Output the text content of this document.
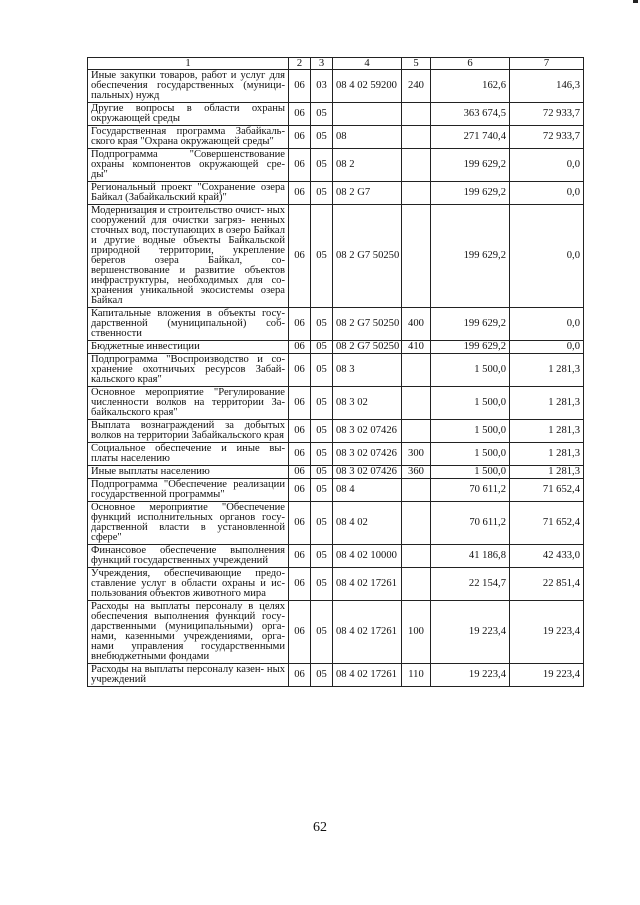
1	2	3	4	5	6	7
Иные закупки товаров, работ и услуг для обеспечения государственных (муници- пальных) нужд	06	03	08 4 02 59200	240	162,6	146,3
Другие вопросы в области охраны окружающей среды	06	05			363 674,5	72 933,7
Государственная программа Забайкаль- ского края "Охрана окружающей среды"	06	05	08		271 740,4	72 933,7
Подпрограмма "Совершенствование охраны компонентов окружающей сре- ды"	06	05	08 2		199 629,2	0,0
Региональный проект "Сохранение озера Байкал (Забайкальский край)"	06	05	08 2 G7		199 629,2	0,0
Модернизация и строительство очист- ных сооружений для очистки загряз- ненных сточных вод, поступающих в озеро Байкал и другие водные объекты Байкальской природной территории, укрепление берегов озера Байкал, со- вершенствование и развитие объектов инфраструктуры, необходимых для со- хранения уникальной экосистемы озера Байкал	06	05	08 2 G7 50250		199 629,2	0,0
Капитальные вложения в объекты госу- дарственной (муниципальной) соб- ственности	06	05	08 2 G7 50250	400	199 629,2	0,0
Бюджетные инвестиции	06	05	08 2 G7 50250	410	199 629,2	0,0
Подпрограмма "Воспроизводство и со- хранение охотничьих ресурсов Забай- кальского края"	06	05	08 3		1 500,0	1 281,3
Основное мероприятие "Регулирование численности волков на территории За- байкальского края"	06	05	08 3 02		1 500,0	1 281,3
Выплата вознаграждений за добытых волков на территории Забайкальского края	06	05	08 3 02 07426		1 500,0	1 281,3
Социальное обеспечение и иные вы- платы населению	06	05	08 3 02 07426	300	1 500,0	1 281,3
Иные выплаты населению	06	05	08 3 02 07426	360	1 500,0	1 281,3
Подпрограмма "Обеспечение реализации государственной программы"	06	05	08 4		70 611,2	71 652,4
Основное мероприятие "Обеспечение функций исполнительных органов госу- дарственной власти в установленной сфере"	06	05	08 4 02		70 611,2	71 652,4
Финансовое обеспечение выполнения функций государственных учреждений	06	05	08 4 02 10000		41 186,8	42 433,0
Учреждения, обеспечивающие предо- ставление услуг в области охраны и ис- пользования объектов животного мира	06	05	08 4 02 17261		22 154,7	22 851,4
Расходы на выплаты персоналу в целях обеспечения выполнения функций госу- дарственными (муниципальными) орга- нами, казенными учреждениями, орга- нами управления государственными внебюджетными фондами	06	05	08 4 02 17261	100	19 223,4	19 223,4
Расходы на выплаты персоналу казен- ных учреждений	06	05	08 4 02 17261	110	19 223,4	19 223,4
62
